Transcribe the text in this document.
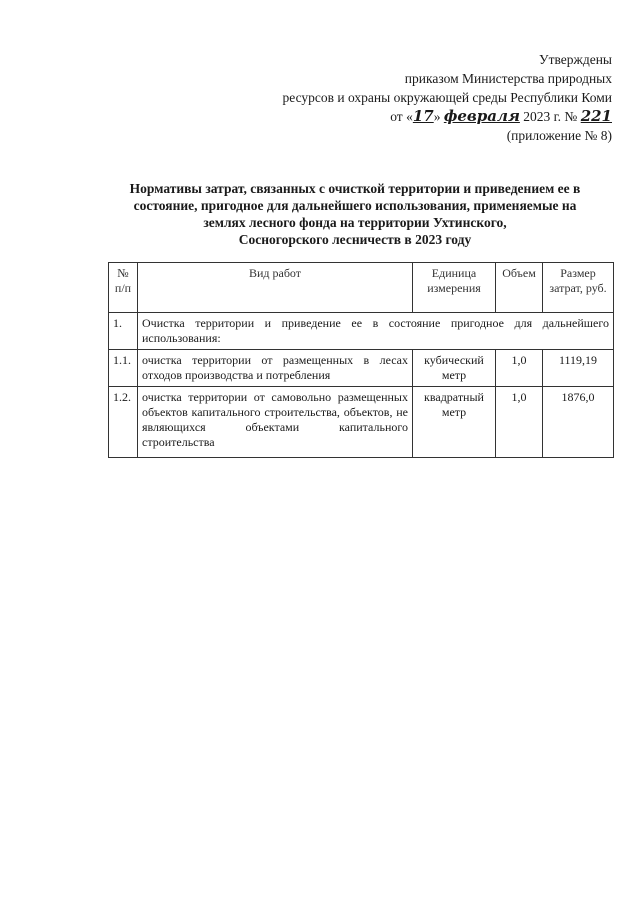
Утверждены
приказом Министерства природных
ресурсов и охраны окружающей среды Республики Коми
от «17» февраля 2023 г. № 221
(приложение № 8)
Нормативы затрат, связанных с очисткой территории и приведением ее в
состояние, пригодное для дальнейшего использования, применяемые на
землях лесного фонда на территории Ухтинского,
Сосногорского лесничеств в 2023 году
№ п/п	Вид работ	Единица измерения	Объем	Размер затрат, руб.
1.	Очистка территории и приведение ее в состояние пригодное для дальнейшего использования:			
1.1.	очистка территории от размещенных в лесах отходов производства и потребления	кубический метр	1,0	1119,19
1.2.	очистка территории от самовольно размещенных объектов капитального строительства, объектов, не являющихся объектами капитального строительства	квадратный метр	1,0	1876,0
